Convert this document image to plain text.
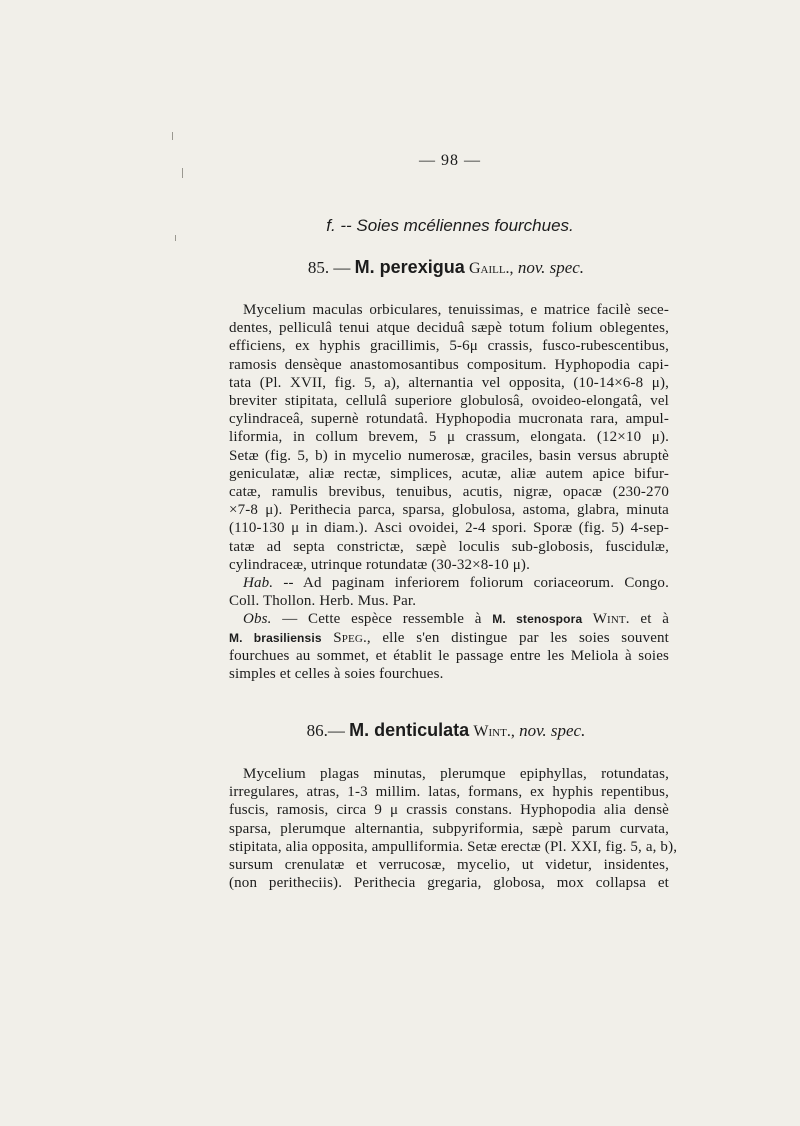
— 98 —
f. -- Soies mcéliennes fourchues.
85. — M. perexigua Gaill., nov. spec.
Mycelium maculas orbiculares, tenuissimas, e matrice facilè sece-
dentes, pelliculâ tenui atque deciduâ sæpè totum folium oblegentes,
efficiens, ex hyphis gracillimis, 5-6μ crassis, fusco-rubescentibus,
ramosis densèque anastomosantibus compositum. Hyphopodia capi-
tata (Pl. XVII, fig. 5, a), alternantia vel opposita, (10-14×6-8 μ),
breviter stipitata, cellulâ superiore globulosâ, ovoideo-elongatâ, vel
cylindraceâ, supernè rotundatâ. Hyphopodia mucronata rara, ampul-
liformia, in collum brevem, 5 μ crassum, elongata. (12×10 μ).
Setæ (fig. 5, b) in mycelio numerosæ, graciles, basin versus abruptè
geniculatæ, aliæ rectæ, simplices, acutæ, aliæ autem apice bifur-
catæ, ramulis brevibus, tenuibus, acutis, nigræ, opacæ (230-270
×7-8 μ). Perithecia parca, sparsa, globulosa, astoma, glabra, minuta
(110-130 μ in diam.). Asci ovoidei, 2-4 spori. Sporæ (fig. 5) 4-sep-
tatæ ad septa constrictæ, sæpè loculis sub-globosis, fuscidulæ,
cylindraceæ, utrinque rotundatæ (30-32×8-10 μ).
Hab. -- Ad paginam inferiorem foliorum coriaceorum. Congo.
Coll. Thollon. Herb. Mus. Par.
Obs. — Cette espèce ressemble à M. stenospora Wint. et à
M. brasiliensis Speg., elle s'en distingue par les soies souvent
fourchues au sommet, et établit le passage entre les Meliola à soies
simples et celles à soies fourchues.
86.— M. denticulata Wint., nov. spec.
Mycelium plagas minutas, plerumque epiphyllas, rotundatas,
irregulares, atras, 1-3 millim. latas, formans, ex hyphis repentibus,
fuscis, ramosis, circa 9 μ crassis constans. Hyphopodia alia densè
sparsa, plerumque alternantia, subpyriformia, sæpè parum curvata,
stipitata, alia opposita, ampulliformia. Setæ erectæ (Pl. XXI, fig. 5, a, b),
sursum crenulatæ et verrucosæ, mycelio, ut videtur, insidentes,
(non peritheciis). Perithecia gregaria, globosa, mox collapsa et
